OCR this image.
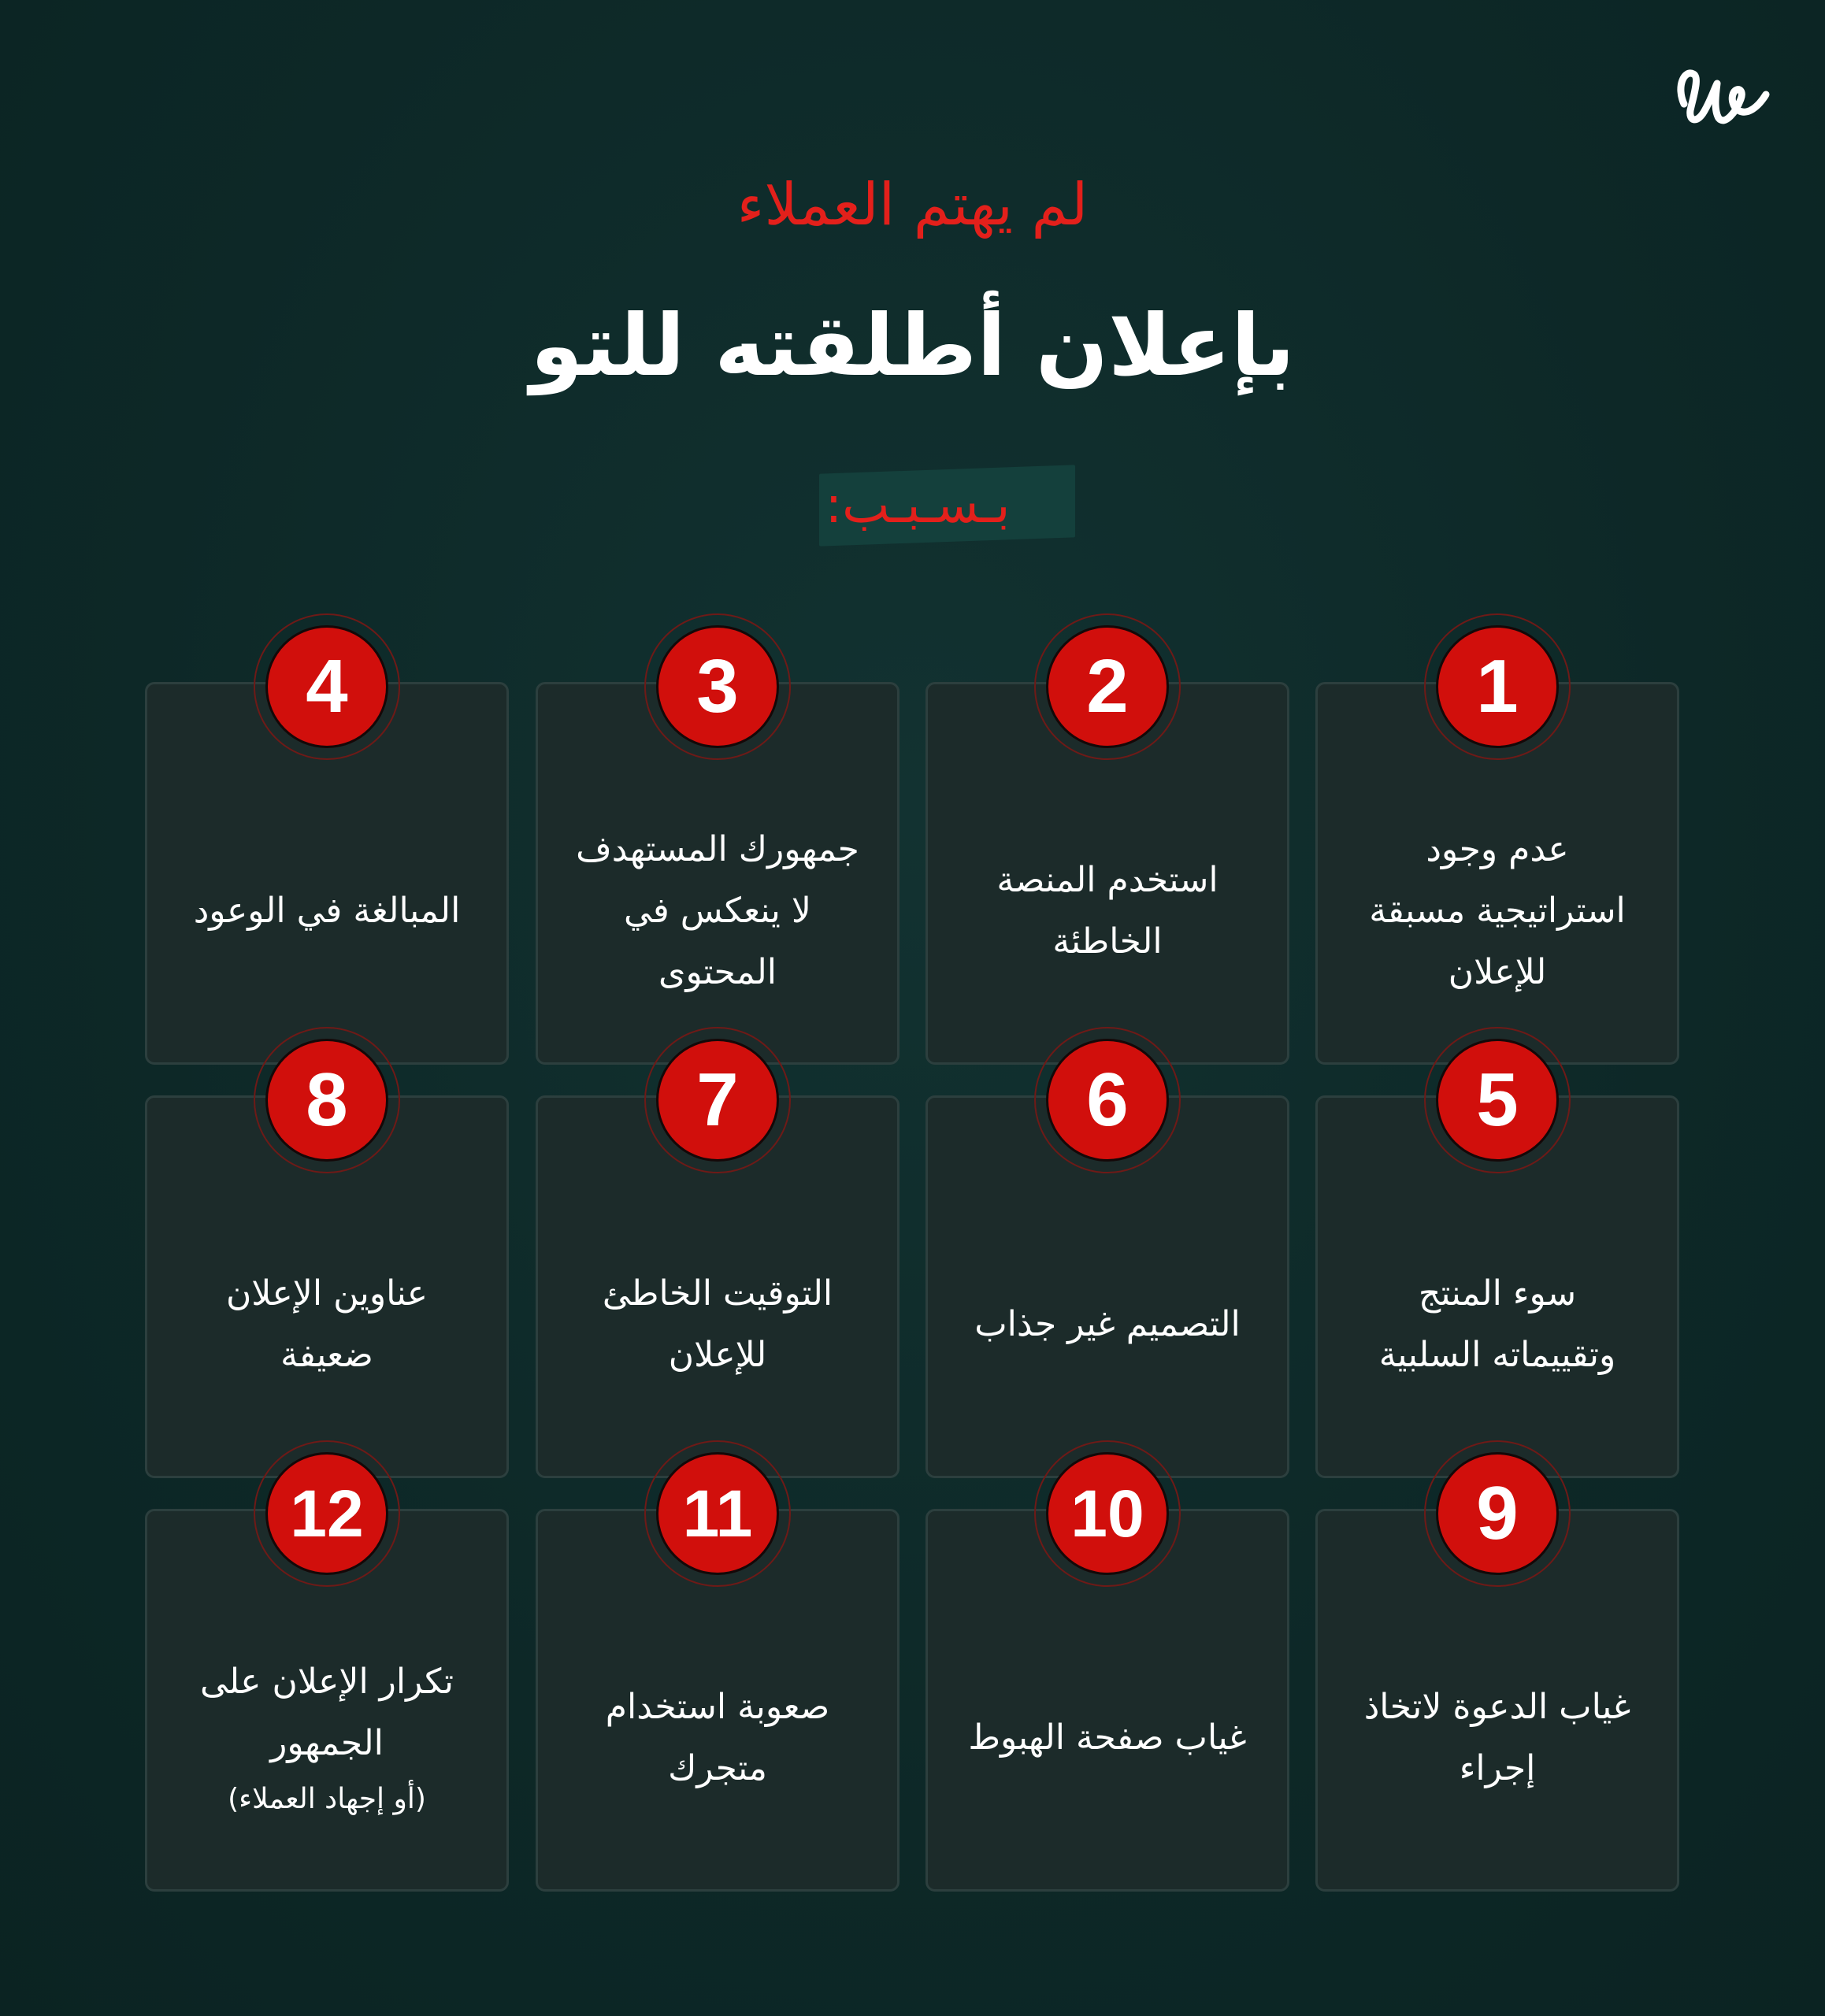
لم يهتم العملاء
بإعلان أطلقته للتو
بـسـبـب:
عدم وجود
استراتيجية مسبقة
للإعلان
1
استخدم المنصة
الخاطئة
2
جمهورك المستهدف
لا ينعكس في
المحتوى
3
المبالغة في الوعود
4
سوء المنتج
وتقييماته السلبية
5
التصميم غير جذاب
6
التوقيت الخاطئ
للإعلان
7
عناوين الإعلان
ضعيفة
8
غياب الدعوة لاتخاذ
إجراء
9
غياب صفحة الهبوط
10
صعوبة استخدام
متجرك
11
تكرار الإعلان على
الجمهور
(أو إجهاد العملاء)
12
